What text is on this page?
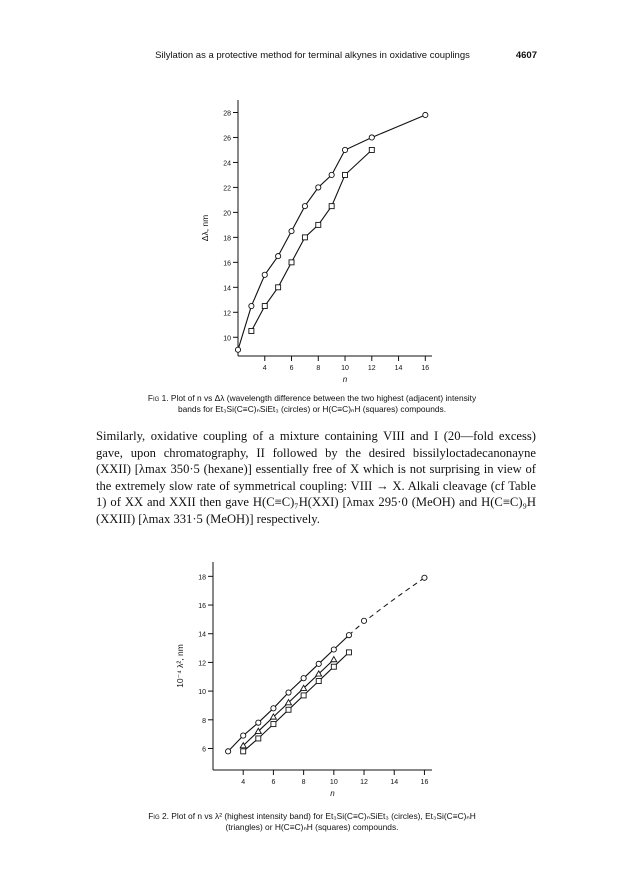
Silylation as a protective method for terminal alkynes in oxidative couplings	4607
10
12
14
16
18
20
22
24
26
28
4	6	8	10	12	14	16
n
Δλ, nm
Fig 1. Plot of n vs Δλ (wavelength difference between the two highest (adjacent) intensity
bands for Et₃Si(C≡C)ₙSiEt₃ (circles) or H(C≡C)ₙH (squares) compounds.
Similarly, oxidative coupling of a mixture containing VIII and I (20—fold excess) gave, upon chromatography, II followed by the desired bissilyloctadecanonayne (XXII) [λmax 350·5 (hexane)] essentially free of X which is not surprising in view of the extremely slow rate of symmetrical coupling: VIII → X. Alkali cleavage (cf Table 1) of XX and XXII then gave H(C≡C)₇H(XXI) [λmax 295·0 (MeOH) and H(C≡C)₉H (XXIII) [λmax 331·5 (MeOH)] respectively.
6
8
10
12
14
16
18
4	6	8	10	12	14	16
n
10⁻⁴ λ², nm
Fig 2. Plot of n vs λ² (highest intensity band) for Et₃Si(C≡C)ₙSiEt₃ (circles), Et₃Si(C≡C)ₙH
(triangles) or H(C≡C)ₙH (squares) compounds.
